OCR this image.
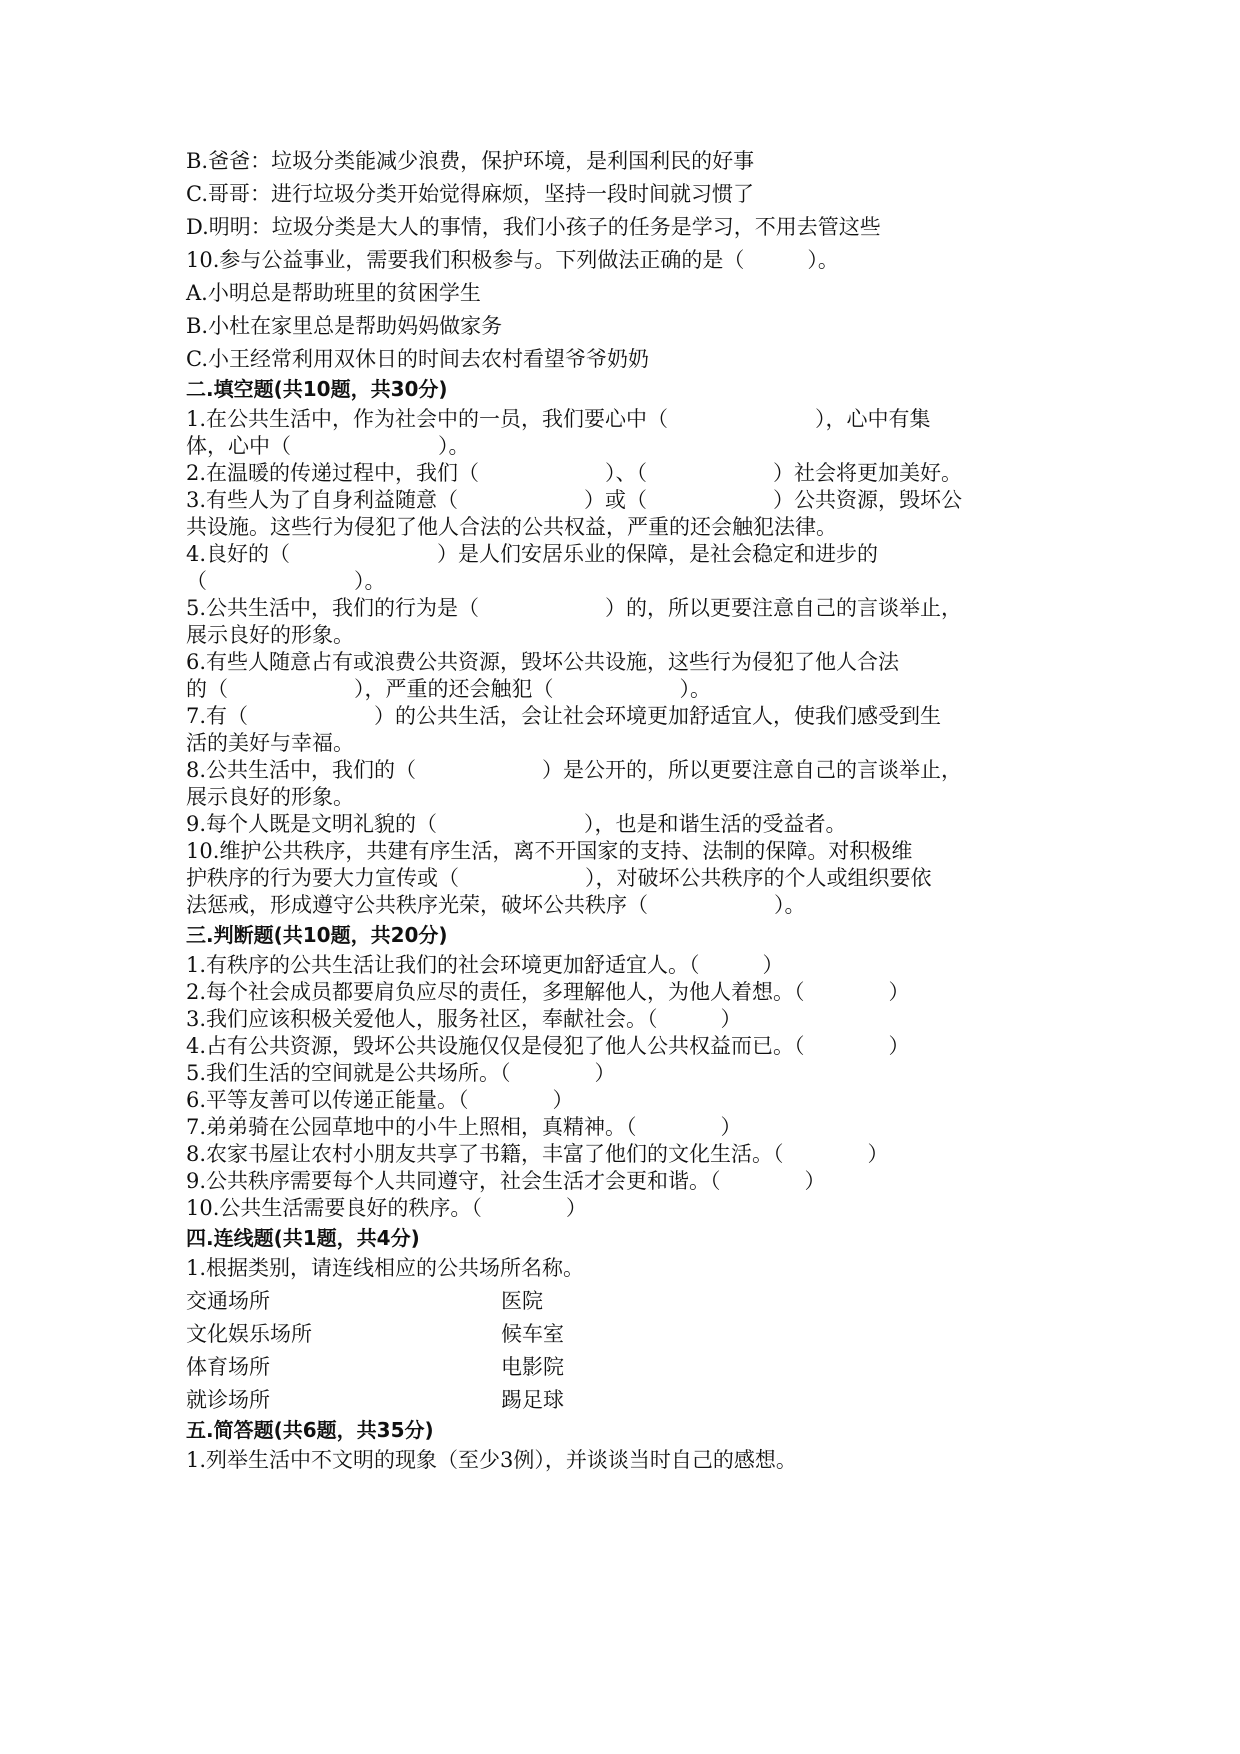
B.爸爸：垃圾分类能减少浪费，保护环境，是利国利民的好事

C.哥哥：进行垃圾分类开始觉得麻烦，坚持一段时间就习惯了

D.明明：垃圾分类是大人的事情，我们小孩子的任务是学习，不用去管这些

10.参与公益事业，需要我们积极参与。下列做法正确的是（　　　）。

A.小明总是帮助班里的贫困学生

B.小杜在家里总是帮助妈妈做家务

C.小王经常利用双休日的时间去农村看望爷爷奶奶

二.填空题(共10题，共30分)

1.在公共生活中，作为社会中的一员，我们要心中（　　　　　　　），心中有集

体，心中（　　　　　　　）。

2.在温暖的传递过程中，我们（　　　　　　）、（　　　　　　）社会将更加美好。

3.有些人为了自身利益随意（　　　　　　）或（　　　　　　）公共资源，毁坏公

共设施。这些行为侵犯了他人合法的公共权益，严重的还会触犯法律。

4.良好的（　　　　　　　）是人们安居乐业的保障，是社会稳定和进步的

（　　　　　　　）。

5.公共生活中，我们的行为是（　　　　　　）的，所以更要注意自己的言谈举止，

展示良好的形象。

6.有些人随意占有或浪费公共资源，毁坏公共设施，这些行为侵犯了他人合法

的（　　　　　　），严重的还会触犯（　　　　　　）。

7.有（　　　　　　）的公共生活，会让社会环境更加舒适宜人，使我们感受到生

活的美好与幸福。

8.公共生活中，我们的（　　　　　　）是公开的，所以更要注意自己的言谈举止，

展示良好的形象。

9.每个人既是文明礼貌的（　　　　　　　），也是和谐生活的受益者。

10.维护公共秩序，共建有序生活，离不开国家的支持、法制的保障。对积极维

护秩序的行为要大力宣传或（　　　　　　），对破坏公共秩序的个人或组织要依

法惩戒，形成遵守公共秩序光荣，破坏公共秩序（　　　　　　）。

三.判断题(共10题，共20分)

1.有秩序的公共生活让我们的社会环境更加舒适宜人。（　　　）

2.每个社会成员都要肩负应尽的责任，多理解他人，为他人着想。（　　　　）

3.我们应该积极关爱他人，服务社区，奉献社会。（　　　）

4.占有公共资源，毁坏公共设施仅仅是侵犯了他人公共权益而已。（　　　　）

5.我们生活的空间就是公共场所。（　　　　）

6.平等友善可以传递正能量。（　　　　）

7.弟弟骑在公园草地中的小牛上照相，真精神。（　　　　）

8.农家书屋让农村小朋友共享了书籍，丰富了他们的文化生活。（　　　　）

9.公共秩序需要每个人共同遵守，社会生活才会更和谐。（　　　　）

10.公共生活需要良好的秩序。（　　　　）

四.连线题(共1题，共4分)

1.根据类别，请连线相应的公共场所名称。

交通场所	医院
文化娱乐场所	候车室
体育场所	电影院
就诊场所	踢足球
五.简答题(共6题，共35分)

1.列举生活中不文明的现象（至少3例），并谈谈当时自己的感想。
